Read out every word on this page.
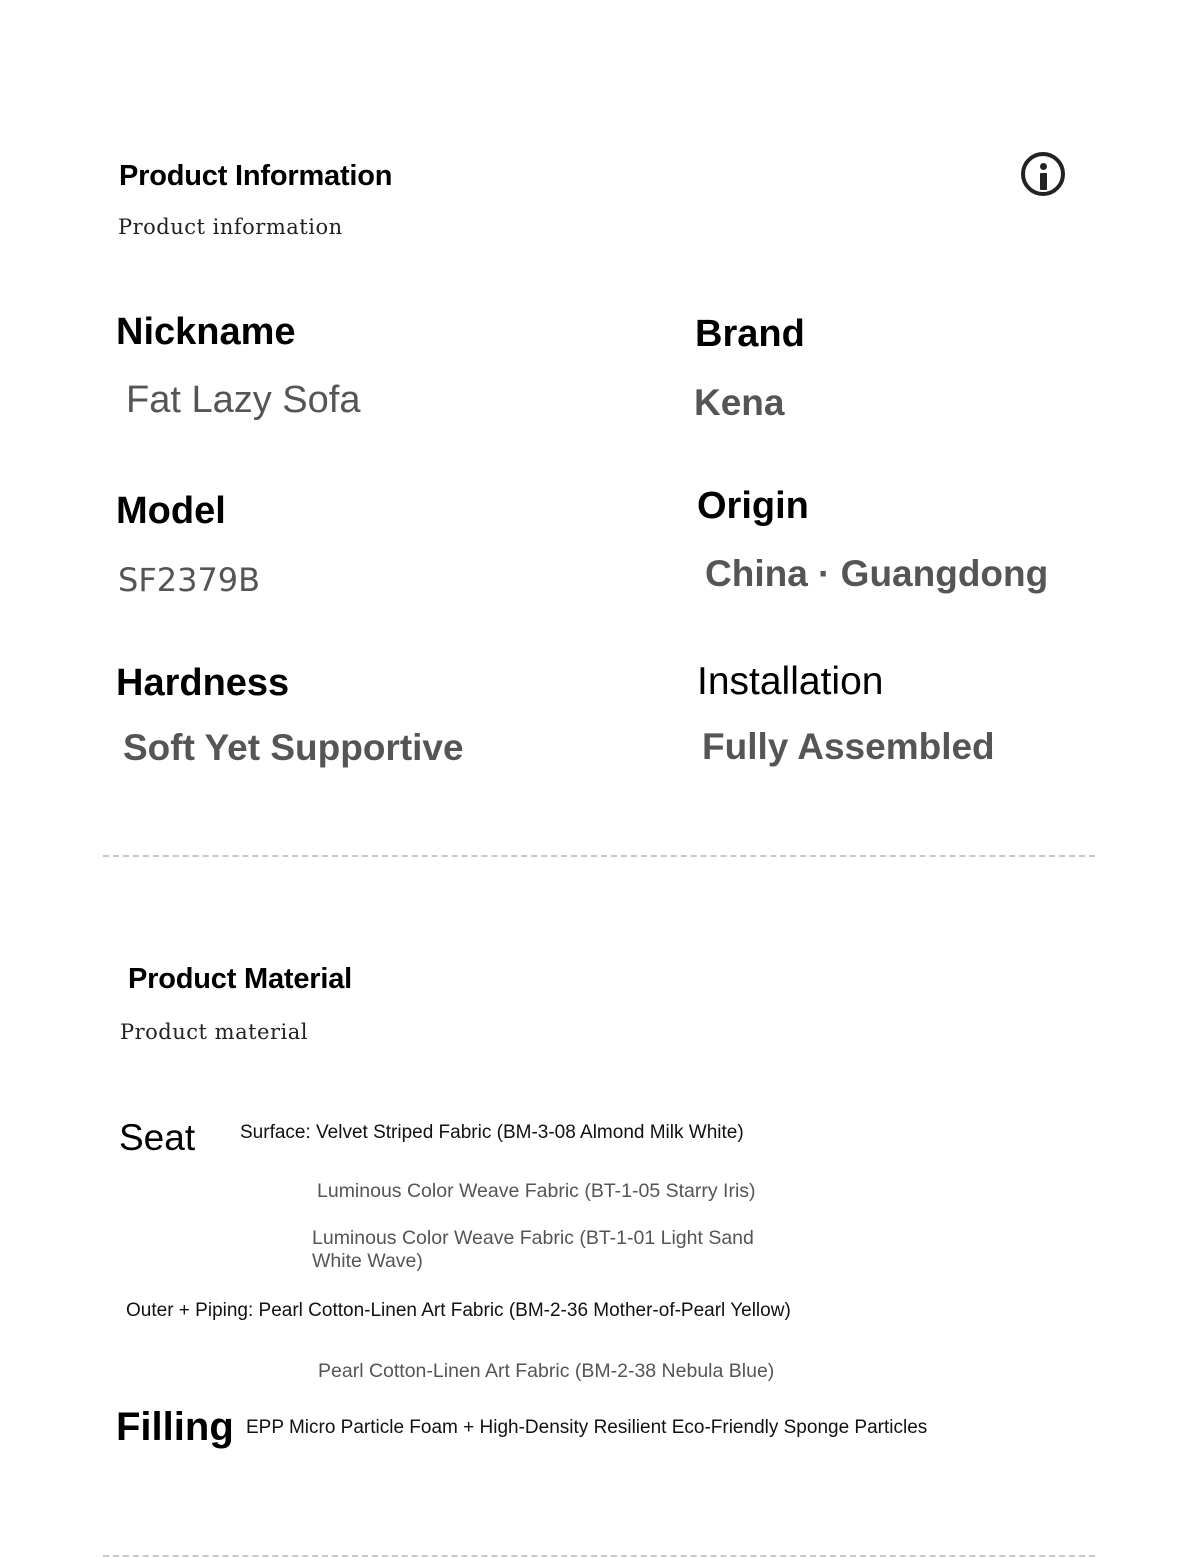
Product Information
Product information
Nickname
Fat Lazy Sofa
Brand
Kena
Model
SF2379B
Origin
China · Guangdong
Hardness
Soft Yet Supportive
Installation
Fully Assembled
Product Material
Product material
Seat Surface: Velvet Striped Fabric (BM-3-08 Almond Milk White)
Luminous Color Weave Fabric (BT-1-05 Starry Iris)
Luminous Color Weave Fabric (BT-1-01 Light Sand White Wave)
Outer + Piping: Pearl Cotton-Linen Art Fabric (BM-2-36 Mother-of-Pearl Yellow)
Pearl Cotton-Linen Art Fabric (BM-2-38 Nebula Blue)
Filling EPP Micro Particle Foam + High-Density Resilient Eco-Friendly Sponge Particles
